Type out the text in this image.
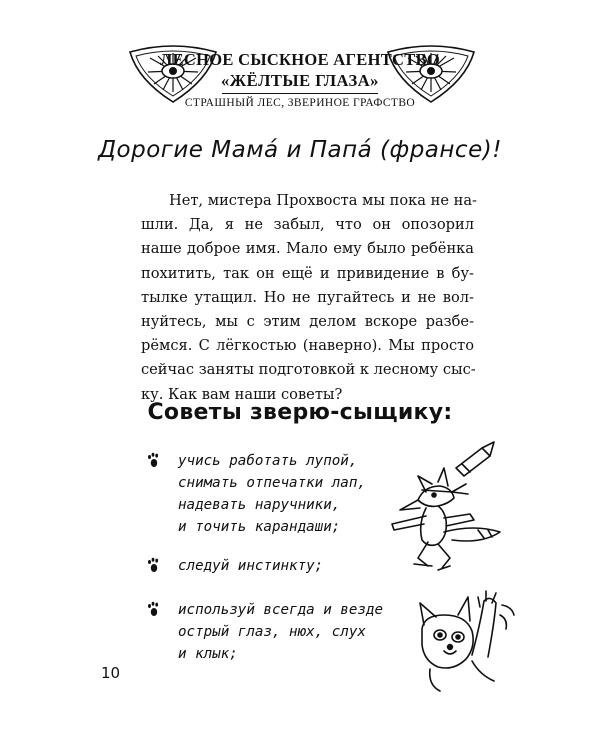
ЛЕСНОЕ СЫСКНОЕ АГЕНТСТВО
«ЖЁЛТЫЕ ГЛАЗА»
СТРАШНЫЙ ЛЕС, ЗВЕРИНОЕ ГРАФСТВО
Дорогие Мама́ и Папа́ (франсе)!
Нет, мистера Прохвоста мы пока не на-
шли. Да, я не забыл, что он опозорил
наше доброе имя. Мало ему было ребёнка
похитить, так он ещё и привидение в бу-
тылке утащил. Но не пугайтесь и не вол-
нуйтесь, мы с этим делом вскоре разбе-
рёмся. С лёгкостью (наверно). Мы просто
сейчас заняты подготовкой к лесному сыс-
ку. Как вам наши советы?
Советы зверю-сыщику:
учись работать лупой,
снимать отпечатки лап,
надевать наручники,
и точить карандаши;
следуй инстинкту;
используй всегда и везде
острый глаз, нюх, слух
и клык;
10
